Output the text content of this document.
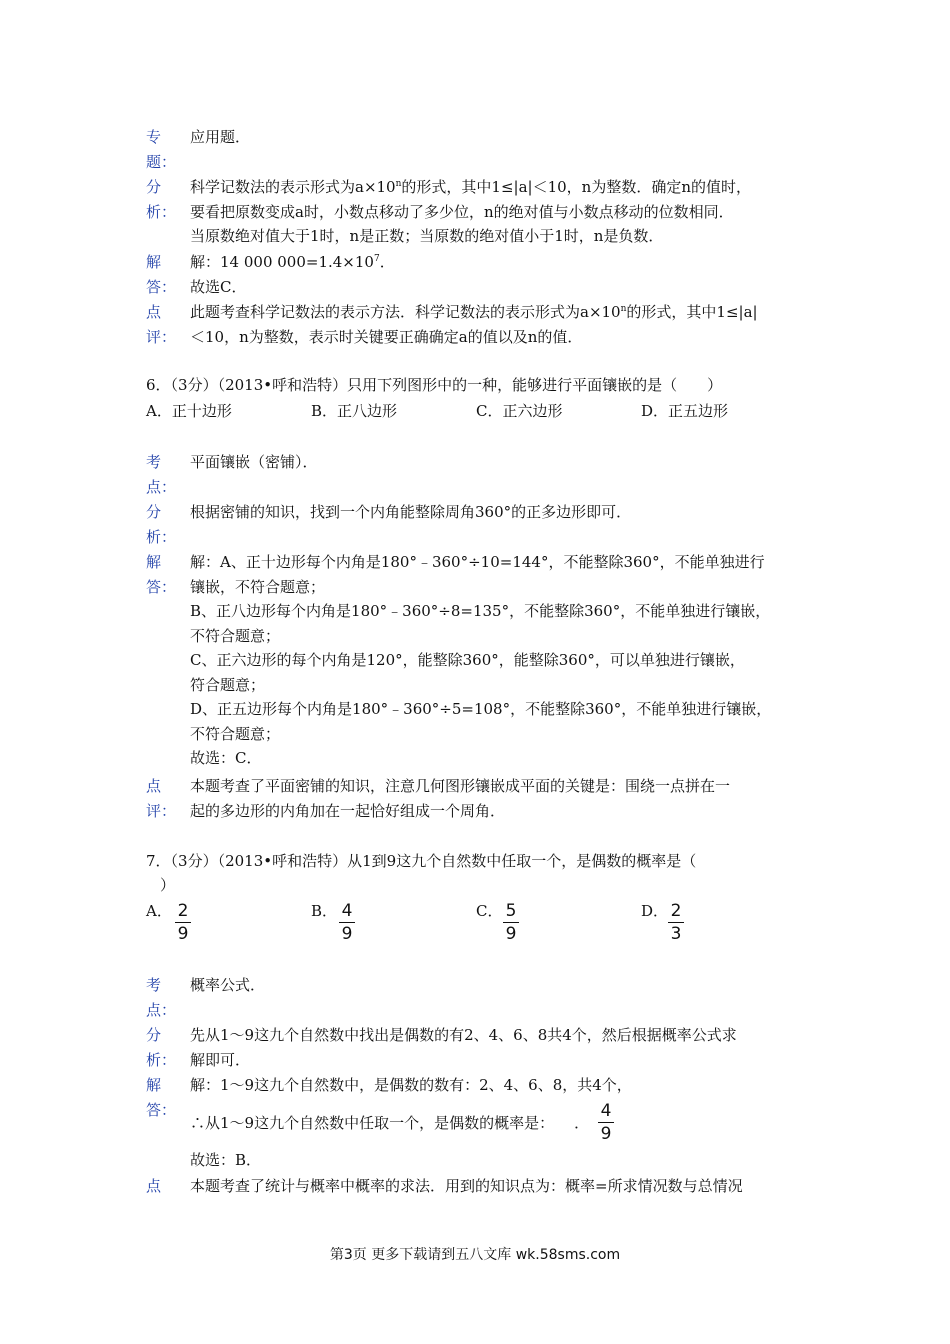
专
题：
应用题．
分
析：
科学记数法的表示形式为$a\times 10^n$的形式，其中1≤|a|＜10，n为整数．确定n的值时，
要看把原数变成a时，小数点移动了多少位，n的绝对值与小数点移动的位数相同．
当原数绝对值大于1时，n是正数；当原数的绝对值小于1时，n是负数．
解
答：
解：14 000 $000=1.4\times 10^7$．
故选C．
点
评：
此题考查科学记数法的表示方法．科学记数法的表示形式为$a\times 10^n$的形式，其中1≤|a|
＜10，n为整数，表示时关键要正确确定a的值以及n的值．
6．（3分）（2013•呼和浩特）只用下列图形中的一种，能够进行平面镶嵌的是（　　）
A．正十边形	B．正八边形	C．正六边形	D．正五边形
考
点：
平面镶嵌（密铺）．
分
析：
根据密铺的知识，找到一个内角能整除周角360°的正多边形即可．
解
答：
解：A、正十边形每个内角是180°﹣360°÷10=144°，不能整除360°，不能单独进行
镶嵌，不符合题意；
B、正八边形每个内角是180°﹣360°÷8=135°，不能整除360°，不能单独进行镶嵌，
不符合题意；
C、正六边形的每个内角是120°，能整除360°，能整除360°，可以单独进行镶嵌，
符合题意；
D、正五边形每个内角是180°﹣360°÷5=108°，不能整除360°，不能单独进行镶嵌，
不符合题意；
故选：C．
点
评：
本题考查了平面密铺的知识，注意几何图形镶嵌成平面的关键是：围绕一点拼在一
起的多边形的内角加在一起恰好组成一个周角．
7．（3分）（2013•呼和浩特）从1到9这九个自然数中任取一个，是偶数的概率是（
）
A． 2
9
B． 4
9
C． 5
9
D． 2
3
考
点：
概率公式．
分
析：
先从1～9这九个自然数中找出是偶数的有2、4、6、8共4个，然后根据概率公式求
解即可．
解
答：
解：1～9这九个自然数中，是偶数的数有：2、4、6、8，共4个，
∴从1～9这九个自然数中任取一个，是偶数的概率是： ．
4
9
故选：B．
点	本题考查了统计与概率中概率的求法．用到的知识点为：概率=所求情况数与总情况
第3页 更多下载请到五八文库 wk.58sms.com
